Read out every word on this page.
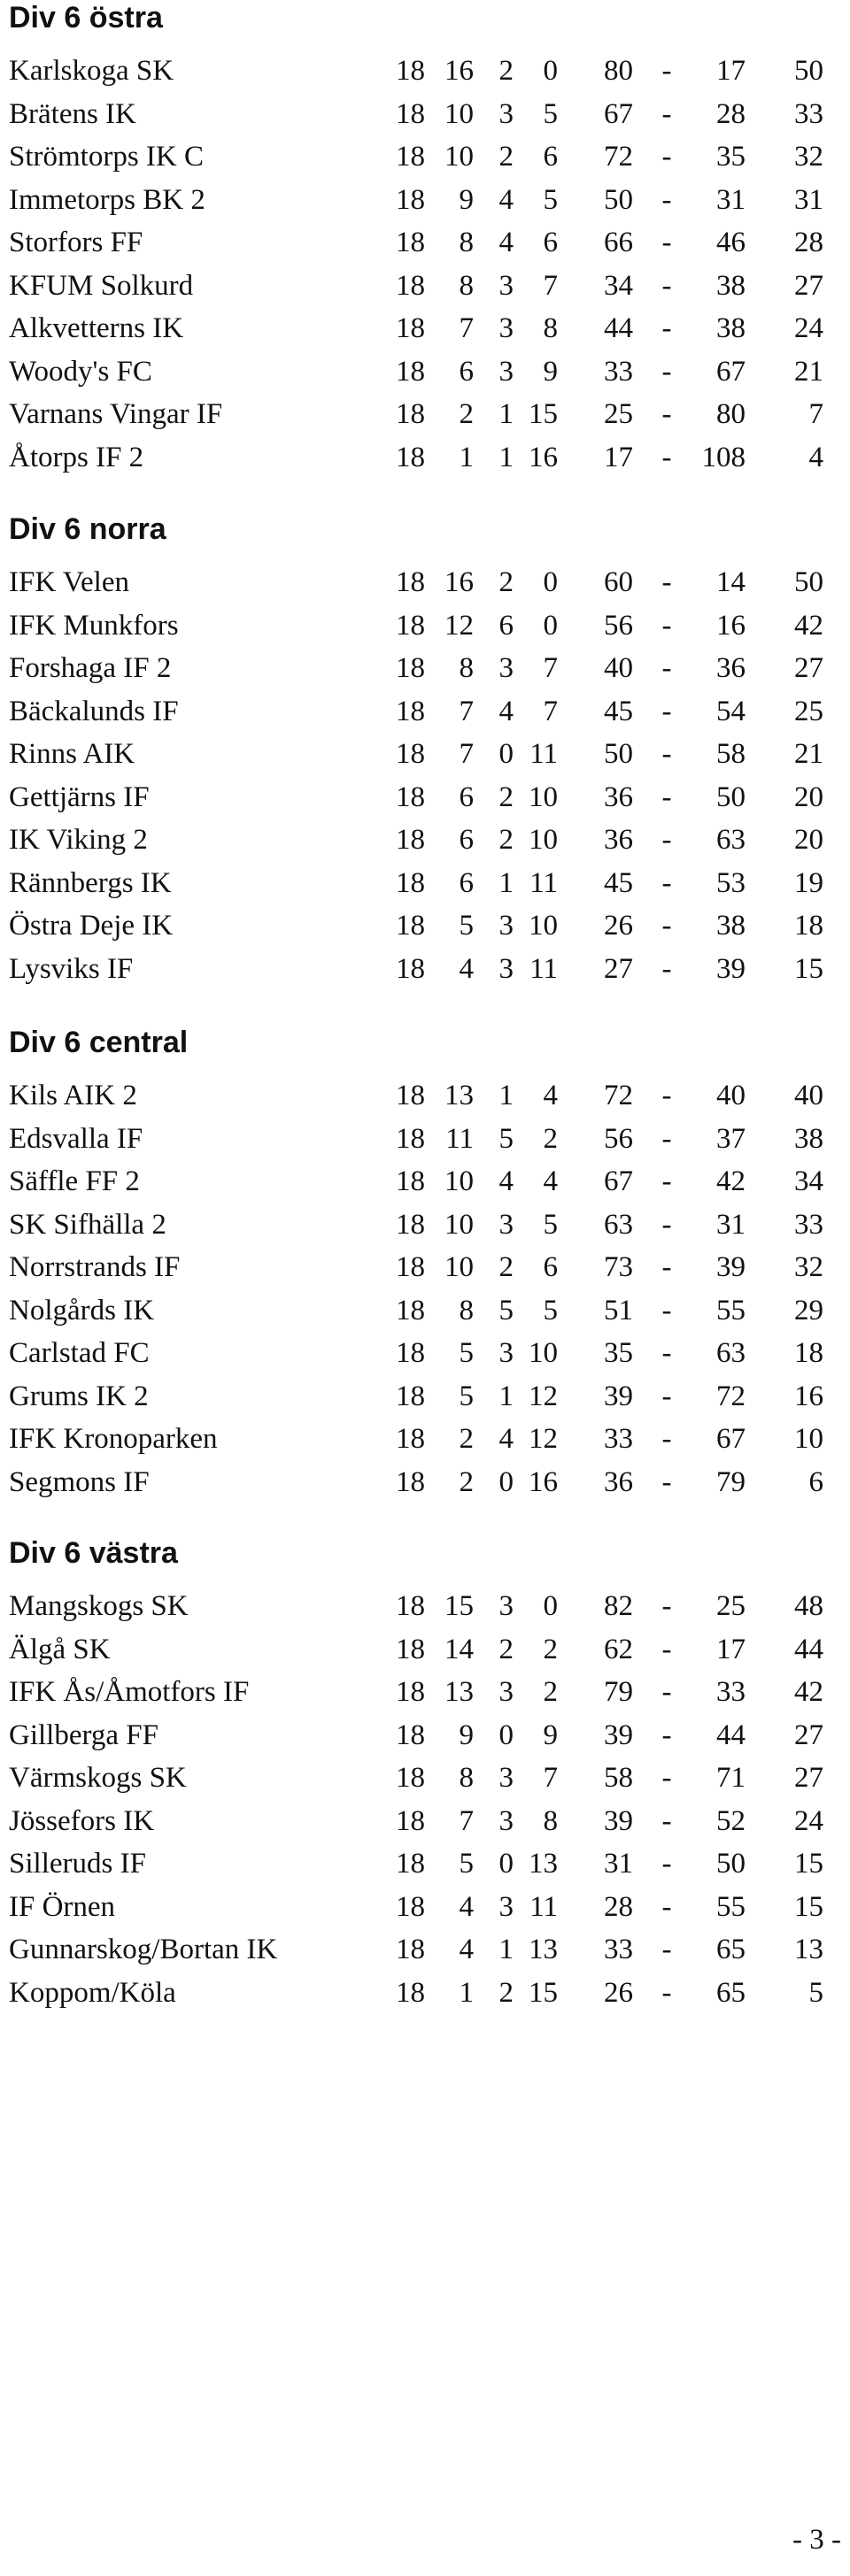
Div 6 östra
Karlskoga SK	18 16 2	0	80 -	17	50
Brätens IK	18 10 3	5	67 -	28	33
Strömtorps IK C	18 10 2	6	72 -	35	32
Immetorps BK 2	18	9 4	5	50 -	31	31
Storfors FF	18	8 4	6	66 -	46	28
KFUM Solkurd	18	8 3	7	34 -	38	27
Alkvetterns IK	18	7 3	8	44 -	38	24
Woody's FC	18	6 3	9	33 -	67	21
Varnans Vingar IF	18	2 1 15	25 -	80	7
Åtorps IF 2	18	1 1 16	17 -	108	4
Div 6 norra
IFK Velen	18 16 2	0	60 -	14	50
IFK Munkfors	18 12 6	0	56 -	16	42
Forshaga IF 2	18	8 3	7	40 -	36	27
Bäckalunds IF	18	7 4	7	45 -	54	25
Rinns AIK	18	7 0 11	50 -	58	21
Gettjärns IF	18	6 2 10	36 -	50	20
IK Viking 2	18	6 2 10	36 -	63	20
Rännbergs IK	18	6 1 11	45 -	53	19
Östra Deje IK	18	5 3 10	26 -	38	18
Lysviks IF	18	4 3 11	27 -	39	15
Div 6 central
Kils AIK 2	18 13 1	4	72 -	40	40
Edsvalla IF	18 11 5	2	56 -	37	38
Säffle FF 2	18 10 4	4	67 -	42	34
SK Sifhälla 2	18 10 3	5	63 -	31	33
Norrstrands IF	18 10 2	6	73 -	39	32
Nolgårds IK	18	8 5	5	51 -	55	29
Carlstad FC	18	5 3 10	35 -	63	18
Grums IK 2	18	5 1 12	39 -	72	16
IFK Kronoparken	18	2 4 12	33 -	67	10
Segmons IF	18	2 0 16	36 -	79	6
Div 6 västra
Mangskogs SK	18 15 3	0	82 -	25	48
Älgå SK	18 14 2	2	62 -	17	44
IFK Ås/Åmotfors IF	18 13 3	2	79 -	33	42
Gillberga FF	18	9 0	9	39 -	44	27
Värmskogs SK	18	8 3	7	58 -	71	27
Jössefors IK	18	7 3	8	39 -	52	24
Silleruds IF	18	5 0 13	31 -	50	15
IF Örnen	18	4 3 11	28 -	55	15
Gunnarskog/Bortan IK	18	4 1 13	33 -	65	13
Koppom/Köla	18	1 2 15	26 -	65	5
- 3 -
